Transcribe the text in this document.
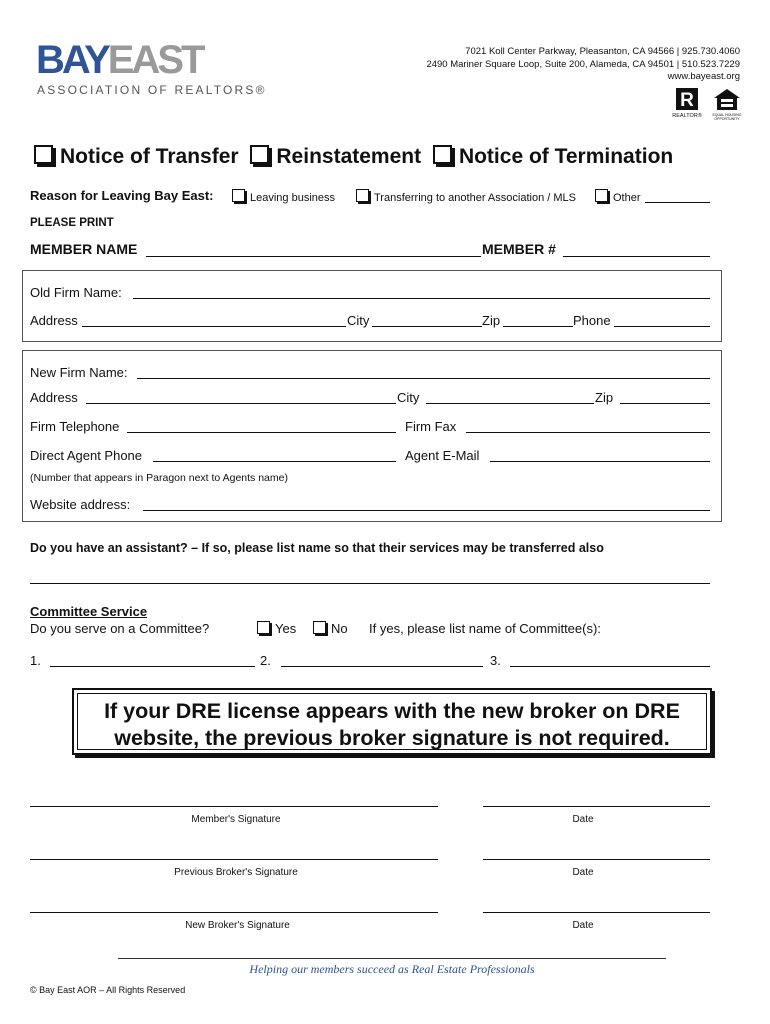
BAYEAST
ASSOCIATION OF REALTORS®
7021 Koll Center Parkway, Pleasanton, CA 94566 | 925.730.4060
2490 Mariner Square Loop, Suite 200, Alameda, CA 94501 | 510.523.7229
www.bayeast.org
R
REALTOR®	EQUAL HOUSING OPPORTUNITY
Notice of Transfer Reinstatement Notice of Termination
Reason for Leaving Bay East:	Leaving business	Transferring to another Association / MLS	Other
PLEASE PRINT
MEMBER NAME	MEMBER #
Old Firm Name:
Address	City	Zip	Phone
New Firm Name:
Address	City	Zip
Firm Telephone	Firm Fax
Direct Agent Phone	Agent E-Mail
(Number that appears in Paragon next to Agents name)
Website address:
Do you have an assistant? – If so, please list name so that their services may be transferred also
Committee Service
Do you serve on a Committee?	Yes	No If yes, please list name of Committee(s):
1.	2.	3.
If your DRE license appears with the new broker on DRE
website, the previous broker signature is not required.
Member's Signature	Date
Previous Broker's Signature	Date
New Broker's Signature	Date
Helping our members succeed as Real Estate Professionals
© Bay East AOR – All Rights Reserved
